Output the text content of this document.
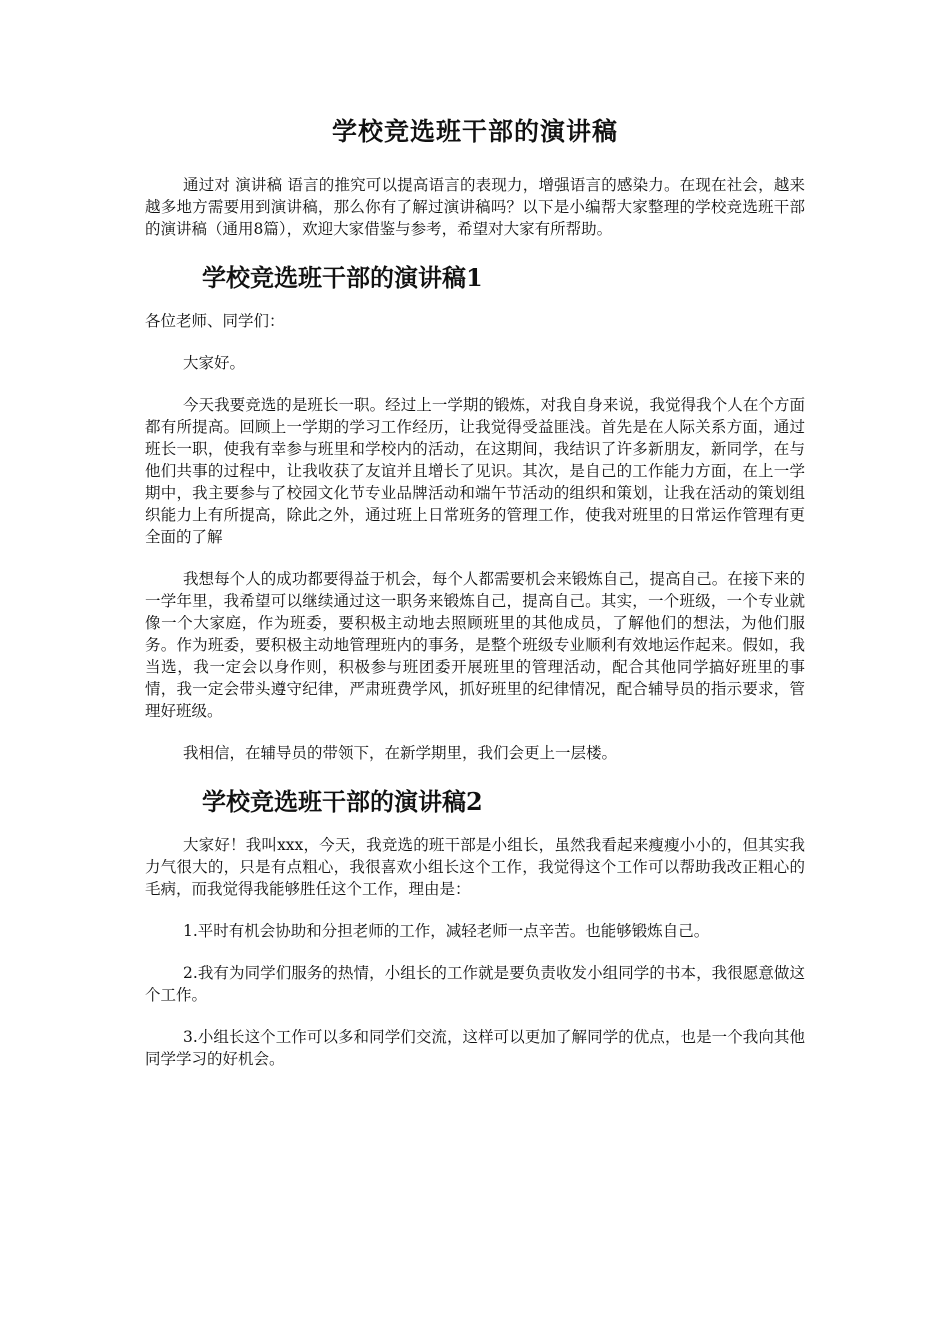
学校竞选班干部的演讲稿

通过对 演讲稿 语言的推究可以提高语言的表现力，增强语言的感染力。在现在社会，越来越多地方需要用到演讲稿，那么你有了解过演讲稿吗？以下是小编帮大家整理的学校竞选班干部的演讲稿（通用8篇），欢迎大家借鉴与参考，希望对大家有所帮助。

学校竞选班干部的演讲稿1

各位老师、同学们：

大家好。

今天我要竞选的是班长一职。经过上一学期的锻炼，对我自身来说，我觉得我个人在个方面都有所提高。回顾上一学期的学习工作经历，让我觉得受益匪浅。首先是在人际关系方面，通过班长一职，使我有幸参与班里和学校内的活动，在这期间，我结识了许多新朋友，新同学，在与他们共事的过程中，让我收获了友谊并且增长了见识。其次，是自己的工作能力方面，在上一学期中，我主要参与了校园文化节专业品牌活动和端午节活动的组织和策划，让我在活动的策划组织能力上有所提高，除此之外，通过班上日常班务的管理工作，使我对班里的日常运作管理有更全面的了解

我想每个人的成功都要得益于机会，每个人都需要机会来锻炼自己，提高自己。在接下来的一学年里，我希望可以继续通过这一职务来锻炼自己，提高自己。其实，一个班级，一个专业就像一个大家庭，作为班委，要积极主动地去照顾班里的其他成员，了解他们的想法，为他们服务。作为班委，要积极主动地管理班内的事务，是整个班级专业顺利有效地运作起来。假如，我当选，我一定会以身作则，积极参与班团委开展班里的管理活动，配合其他同学搞好班里的事情，我一定会带头遵守纪律，严肃班费学风，抓好班里的纪律情况，配合辅导员的指示要求，管理好班级。

我相信，在辅导员的带领下，在新学期里，我们会更上一层楼。

学校竞选班干部的演讲稿2

大家好！我叫xxx，今天，我竞选的班干部是小组长，虽然我看起来瘦瘦小小的，但其实我力气很大的，只是有点粗心，我很喜欢小组长这个工作，我觉得这个工作可以帮助我改正粗心的毛病，而我觉得我能够胜任这个工作，理由是：

1.平时有机会协助和分担老师的工作，减轻老师一点辛苦。也能够锻炼自己。

2.我有为同学们服务的热情，小组长的工作就是要负责收发小组同学的书本，我很愿意做这个工作。

3.小组长这个工作可以多和同学们交流，这样可以更加了解同学的优点，也是一个我向其他同学学习的好机会。
